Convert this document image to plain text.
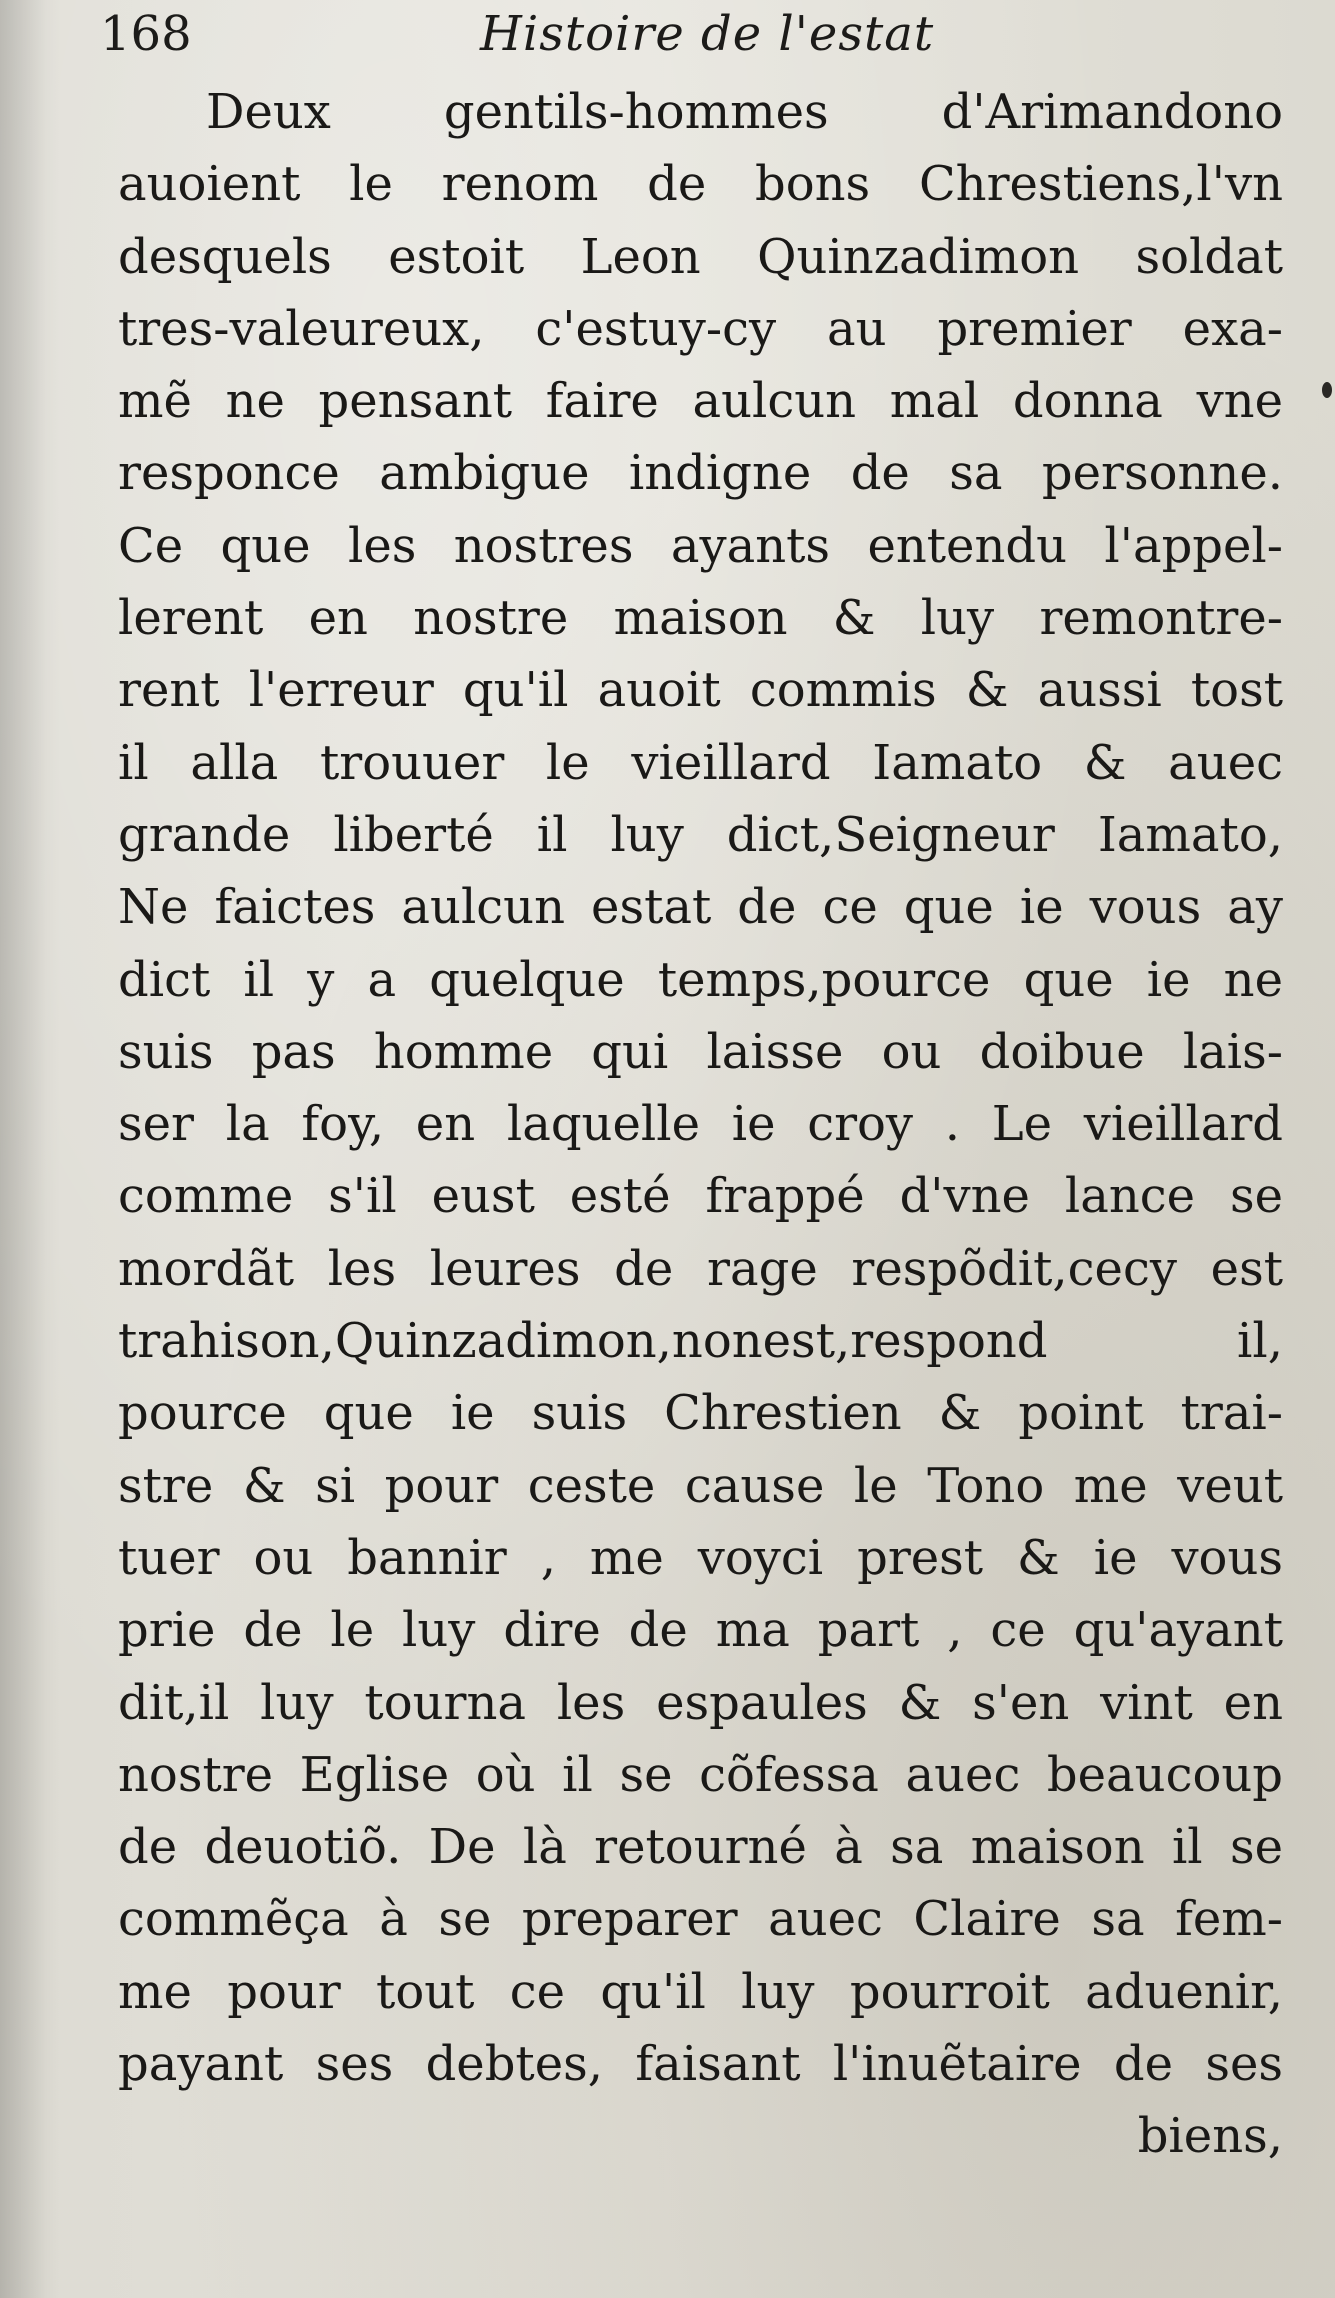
168	Histoire de l'estat
Deux gentils-hommes d'Arimandono
auoient le renom de bons Chrestiens,l'vn
desquels estoit Leon Quinzadimon soldat
tres-valeureux, c'estuy-cy au premier exa-
mẽ ne pensant faire aulcun mal donna vne
responce ambigue indigne de sa personne.
Ce que les nostres ayants entendu l'appel-
lerent en nostre maison & luy remontre-
rent l'erreur qu'il auoit commis & aussi tost
il alla trouuer le vieillard Iamato & auec
grande liberté il luy dict,Seigneur Iamato,
Ne faictes aulcun estat de ce que ie vous ay
dict il y a quelque temps,pource que ie ne
suis pas homme qui laisse ou doibue lais-
ser la foy, en laquelle ie croy . Le vieillard
comme s'il eust esté frappé d'vne lance se
mordãt les leures de rage respõdit,cecy est
trahison,Quinzadimon,nonest,respond il,
pource que ie suis Chrestien & point trai-
stre & si pour ceste cause le Tono me veut
tuer ou bannir , me voyci prest & ie vous
prie de le luy dire de ma part , ce qu'ayant
dit,il luy tourna les espaules & s'en vint en
nostre Eglise où il se cõfessa auec beaucoup
de deuotiõ. De là retourné à sa maison il se
commẽça à se preparer auec Claire sa fem-
me pour tout ce qu'il luy pourroit aduenir,
payant ses debtes, faisant l'inuẽtaire de ses
biens,
